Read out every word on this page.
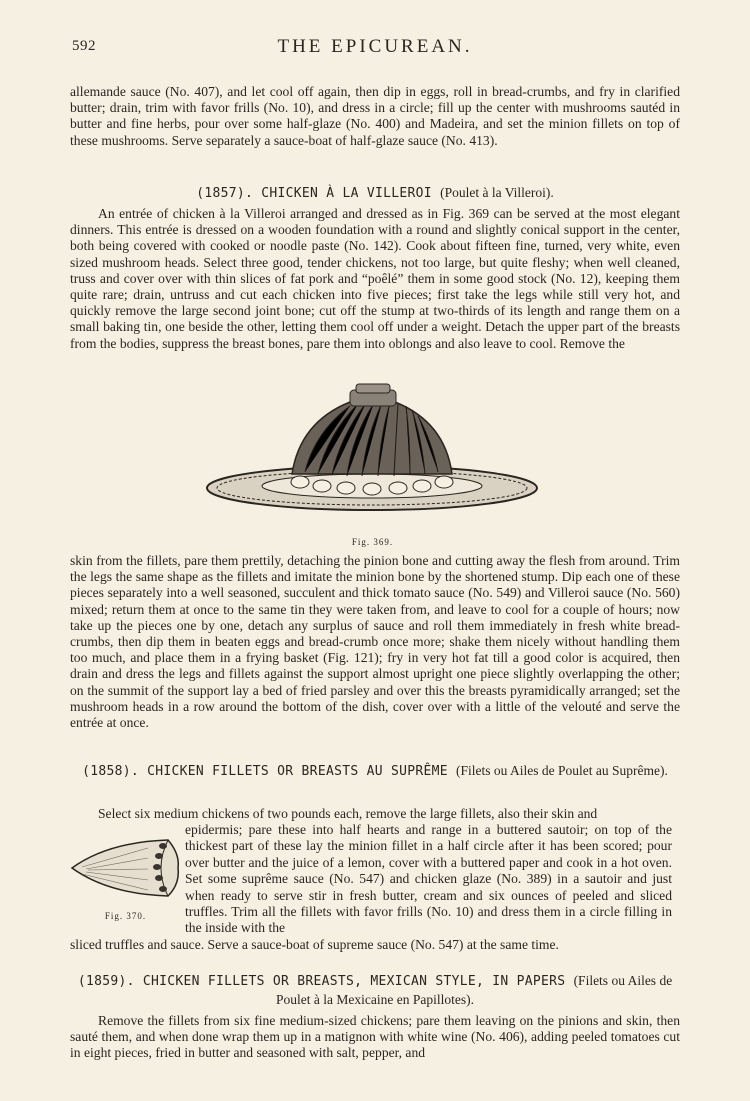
592	THE EPICUREAN.

allemande sauce (No. 407), and let cool off again, then dip in eggs, roll in bread-crumbs, and fry in clarified butter; drain, trim with favor frills (No. 10), and dress in a circle; fill up the center with mushrooms sautéd in butter and fine herbs, pour over some half-glaze (No. 400) and Madeira, and set the minion fillets on top of these mushrooms. Serve separately a sauce-boat of half-glaze sauce (No. 413).

(1857). CHICKEN À LA VILLEROI (Poulet à la Villeroi).

An entrée of chicken à la Villeroi arranged and dressed as in Fig. 369 can be served at the most elegant dinners. This entrée is dressed on a wooden foundation with a round and slightly conical support in the center, both being covered with cooked or noodle paste (No. 142). Cook about fifteen fine, turned, very white, even sized mushroom heads. Select three good, tender chickens, not too large, but quite fleshy; when well cleaned, truss and cover over with thin slices of fat pork and “poêlé” them in some good stock (No. 12), keeping them quite rare; drain, untruss and cut each chicken into five pieces; first take the legs while still very hot, and quickly remove the large second joint bone; cut off the stump at two-thirds of its length and range them on a small baking tin, one beside the other, letting them cool off under a weight. Detach the upper part of the breasts from the bodies, suppress the breast bones, pare them into oblongs and also leave to cool. Remove the

Fig. 369.

skin from the fillets, pare them prettily, detaching the pinion bone and cutting away the flesh from around. Trim the legs the same shape as the fillets and imitate the minion bone by the shortened stump. Dip each one of these pieces separately into a well seasoned, succulent and thick tomato sauce (No. 549) and Villeroi sauce (No. 560) mixed; return them at once to the same tin they were taken from, and leave to cool for a couple of hours; now take up the pieces one by one, detach any surplus of sauce and roll them immediately in fresh white bread-crumbs, then dip them in beaten eggs and bread-crumb once more; shake them nicely without handling them too much, and place them in a frying basket (Fig. 121); fry in very hot fat till a good color is acquired, then drain and dress the legs and fillets against the support almost upright one piece slightly overlapping the other; on the summit of the support lay a bed of fried parsley and over this the breasts pyramidically arranged; set the mushroom heads in a row around the bottom of the dish, cover over with a little of the velouté and serve the entrée at once.

(1858). CHICKEN FILLETS OR BREASTS AU SUPRÊME (Filets ou Ailes de Poulet au Suprême).

Select six medium chickens of two pounds each, remove the large fillets, also their skin and

Fig. 370.

epidermis; pare these into half hearts and range in a buttered sautoir; on top of the thickest part of these lay the minion fillet in a half circle after it has been scored; pour over butter and the juice of a lemon, cover with a buttered paper and cook in a hot oven. Set some suprême sauce (No. 547) and chicken glaze (No. 389) in a sautoir and just when ready to serve stir in fresh butter, cream and six ounces of peeled and sliced truffles. Trim all the fillets with favor frills (No. 10) and dress them in a circle filling in the inside with the

sliced truffles and sauce. Serve a sauce-boat of supreme sauce (No. 547) at the same time.

(1859). CHICKEN FILLETS OR BREASTS, MEXICAN STYLE, IN PAPERS (Filets ou Ailes de Poulet à la Mexicaine en Papillotes).

Remove the fillets from six fine medium-sized chickens; pare them leaving on the pinions and skin, then sauté them, and when done wrap them up in a matignon with white wine (No. 406), adding peeled tomatoes cut in eight pieces, fried in butter and seasoned with salt, pepper, and
